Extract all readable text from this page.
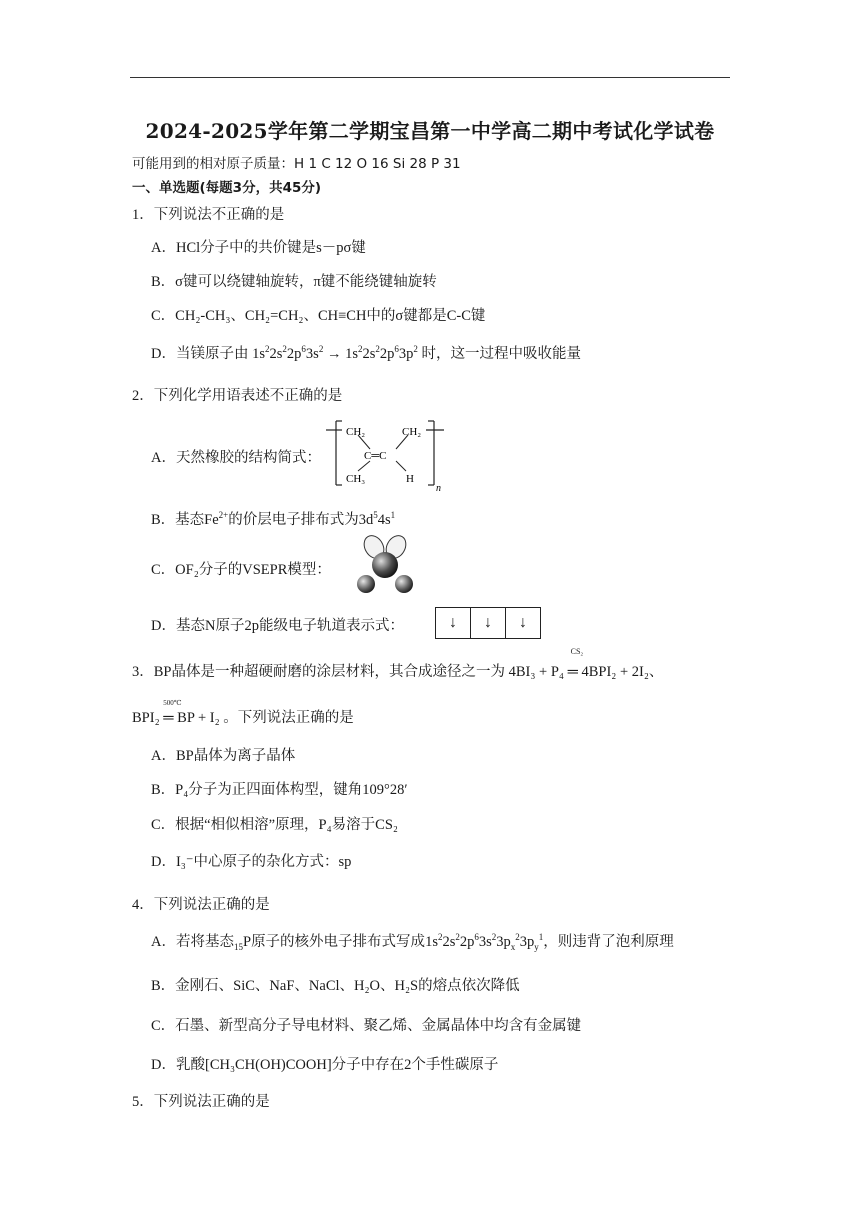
2024-2025学年第二学期宝昌第一中学高二期中考试化学试卷
可能用到的相对原子质量：H 1 C 12 O 16 Si 28 P 31
一、单选题(每题3分，共45分)
1．下列说法不正确的是
A．HCl分子中的共价键是s－pσ键
B．σ键可以绕键轴旋转，π键不能绕键轴旋转
C．CH₂-CH₃、CH₂=CH₂、CH≡CH中的σ键都是C-C键
D．当镁原子由 $1s^22s^22p^63s^2 \to 1s^22s^22p^63p^2$ 时，这一过程中吸收能量
2．下列化学用语表述不正确的是
A．天然橡胶的结构简式：
CH₂	CH₂
C═C
CH₃	H
n
B．基态$Fe^{2+}$的价层电子排布式为$3d^54s^1$
C．OF₂分子的VSEPR模型：
D．基态N原子2p能级电子轨道表示式：	↓	↓	↓
3．BP晶体是一种超硬耐磨的涂层材料，其合成途径之一为
CS₂
4BI₃ + P₄ ═ 4BPI₂ + 2I₂、
BPI₂
500℃
═ BP + I₂ 。下列说法正确的是
A．BP晶体为离子晶体
B．P₄分子为正四面体构型，键角109°28′
C．根据“相似相溶”原理，P₄易溶于CS₂
D．I₃⁻中心原子的杂化方式：sp
4．下列说法正确的是
A．若将基态$_{15}$P原子的核外电子排布式写成$1s^22s^22p^63s^23p_x^23p_y^1$，则违背了泡利原理
B．金刚石、SiC、NaF、NaCl、H₂O、H₂S的熔点依次降低
C．石墨、新型高分子导电材料、聚乙烯、金属晶体中均含有金属键
D．乳酸[CH₃CH(OH)COOH]分子中存在2个手性碳原子
5．下列说法正确的是
